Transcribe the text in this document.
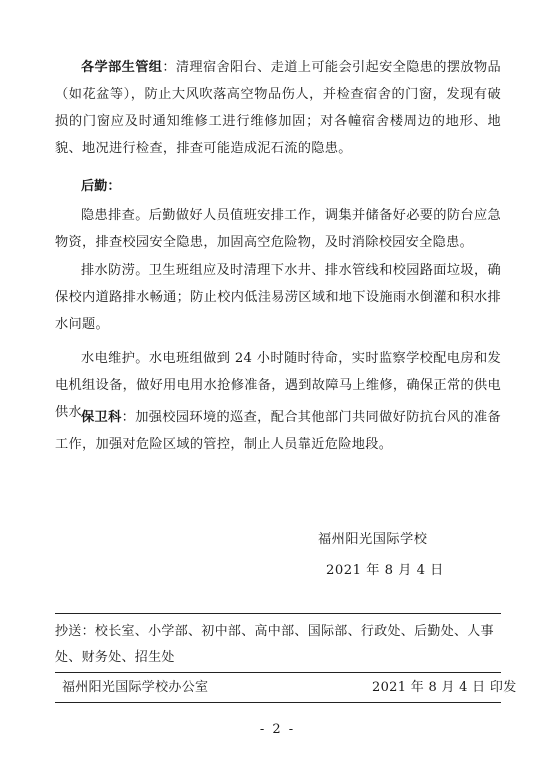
各学部生管组：清理宿舍阳台、走道上可能会引起安全隐患的摆放物品（如花盆等），防止大风吹落高空物品伤人，并检查宿舍的门窗，发现有破损的门窗应及时通知维修工进行维修加固；对各幢宿舍楼周边的地形、地貌、地况进行检查，排查可能造成泥石流的隐患。

后勤：

隐患排查。后勤做好人员值班安排工作，调集并储备好必要的防台应急物资，排查校园安全隐患，加固高空危险物，及时消除校园安全隐患。

排水防涝。卫生班组应及时清理下水井、排水管线和校园路面垃圾，确保校内道路排水畅通；防止校内低洼易涝区域和地下设施雨水倒灌和积水排水问题。

水电维护。水电班组做到 24 小时随时待命，实时监察学校配电房和发电机组设备，做好用电用水抢修准备，遇到故障马上维修，确保正常的供电供水。

保卫科：加强校园环境的巡查，配合其他部门共同做好防抗台风的准备工作，加强对危险区域的管控，制止人员靠近危险地段。

福州阳光国际学校
2021 年 8 月 4 日
抄送：校长室、小学部、初中部、高中部、国际部、行政处、后勤处、人事处、财务处、招生处
福州阳光国际学校办公室	2021 年 8 月 4 日 印发
- 2 -
